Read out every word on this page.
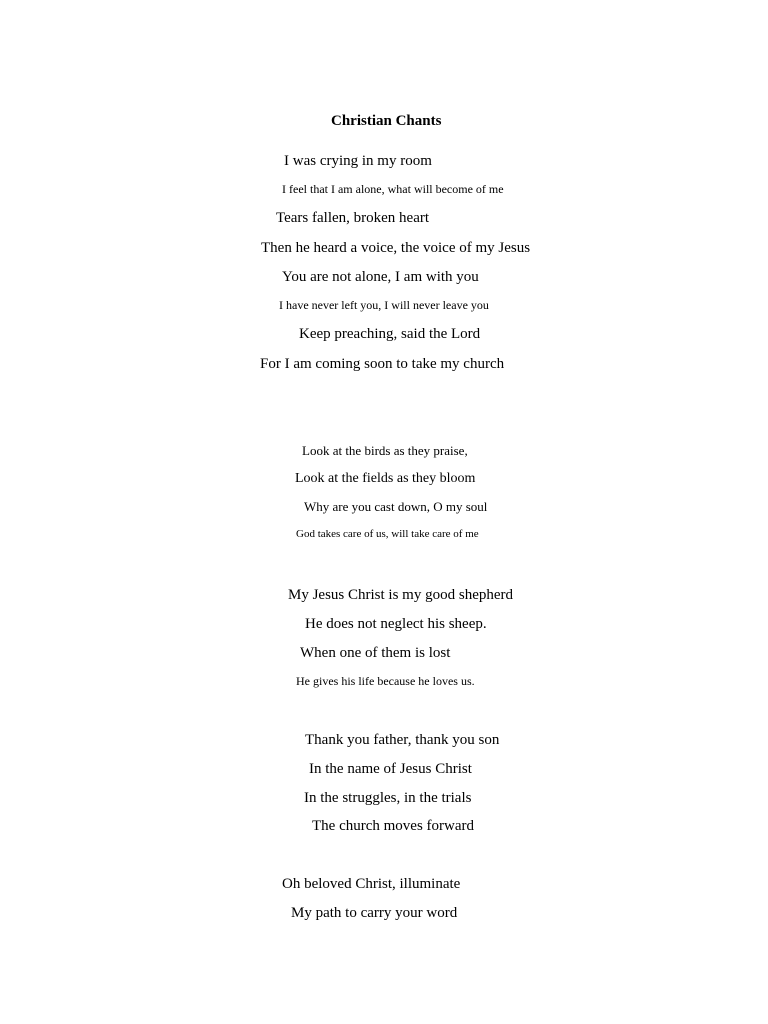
Christian Chants
I was crying in my room
I feel that I am alone, what will become of me
Tears fallen, broken heart
Then he heard a voice, the voice of my Jesus
You are not alone, I am with you
I have never left you, I will never leave you
Keep preaching, said the Lord
For I am coming soon to take my church
Look at the birds as they praise,
Look at the fields as they bloom
Why are you cast down, O my soul
God takes care of us, will take care of me
My Jesus Christ is my good shepherd
He does not neglect his sheep.
When one of them is lost
He gives his life because he loves us.
Thank you father, thank you son
In the name of Jesus Christ
In the struggles, in the trials
The church moves forward
Oh beloved Christ, illuminate
My path to carry your word
